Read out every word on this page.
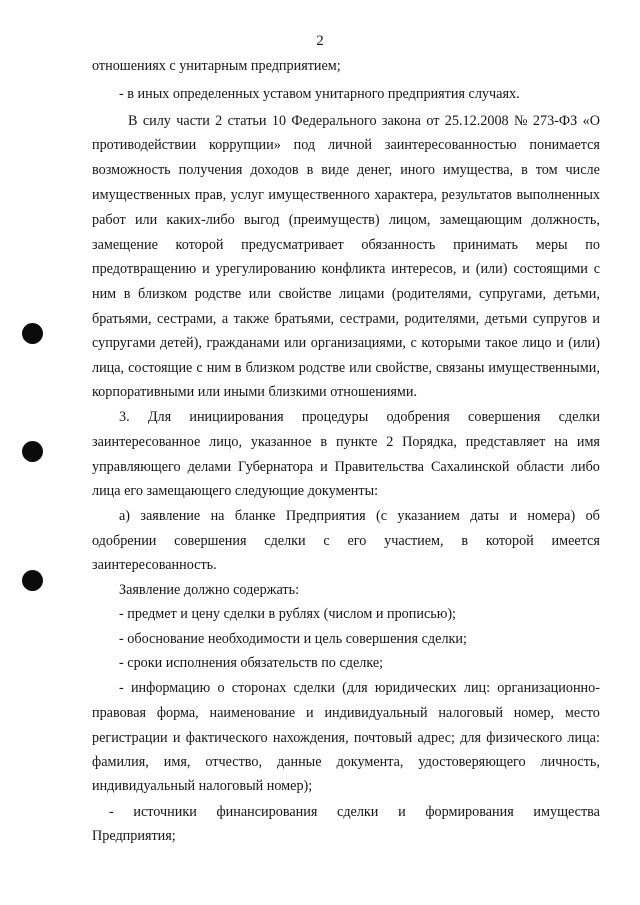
2
отношениях с унитарным предприятием;
- в иных определенных уставом унитарного предприятия случаях.
В силу части 2 статьи 10 Федерального закона от 25.12.2008 № 273-ФЗ «О
противодействии коррупции» под личной заинтересованностью понимается
возможность получения доходов в виде денег, иного имущества, в том числе
имущественных прав, услуг имущественного характера, результатов выполненных
работ или каких-либо выгод (преимуществ) лицом, замещающим должность,
замещение которой предусматривает обязанность принимать меры по
предотвращению и урегулированию конфликта интересов, и (или) состоящими с
ним в близком родстве или свойстве лицами (родителями, супругами, детьми,
братьями, сестрами, а также братьями, сестрами, родителями, детьми супругов и
супругами детей), гражданами или организациями, с которыми такое лицо и (или)
лица, состоящие с ним в близком родстве или свойстве, связаны имущественными,
корпоративными или иными близкими отношениями.
3. Для инициирования процедуры одобрения совершения сделки
заинтересованное лицо, указанное в пункте 2 Порядка, представляет на имя
управляющего делами Губернатора и Правительства Сахалинской области либо
лица его замещающего следующие документы:
а) заявление на бланке Предприятия (с указанием даты и номера) об
одобрении совершения сделки с его участием, в которой имеется
заинтересованность.
Заявление должно содержать:
- предмет и цену сделки в рублях (числом и прописью);
- обоснование необходимости и цель совершения сделки;
- сроки исполнения обязательств по сделке;
- информацию о сторонах сделки (для юридических лиц: организационно-
правовая форма, наименование и индивидуальный налоговый номер, место
регистрации и фактического нахождения, почтовый адрес; для физического лица:
фамилия, имя, отчество, данные документа, удостоверяющего личность,
индивидуальный налоговый номер);
- источники финансирования сделки и формирования имущества
Предприятия;
